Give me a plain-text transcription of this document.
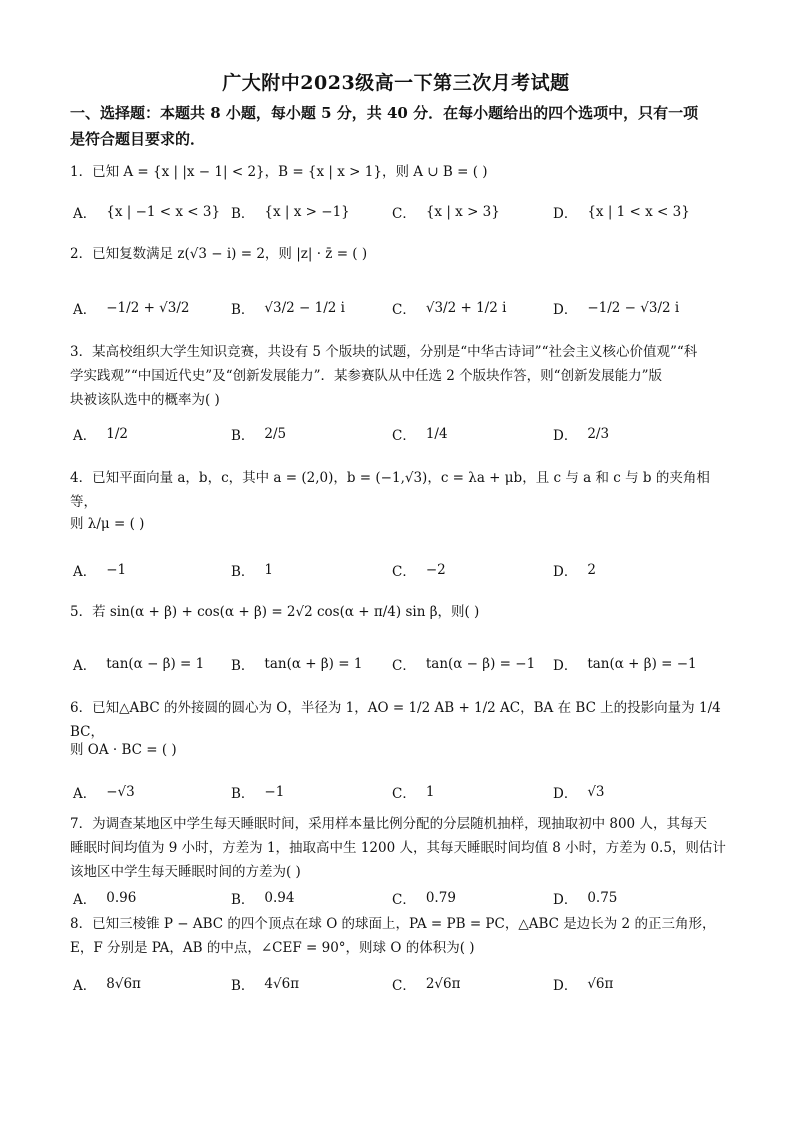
广大附中2023级高一下第三次月考试题
一、选择题：本题共 8 小题，每小题 5 分，共 40 分．在每小题给出的四个选项中，只有一项
是符合题目要求的．
1．已知 A = {x | |x − 1| < 2}，B = {x | x > 1}，则 A ∪ B = ( )
A． {x | −1 < x < 3} B． {x | x > −1}	C． {x | x > 3}	D． {x | 1 < x < 3}
2．已知复数满足 z(√3 − i) = 2，则 |z| · z̄ = ( )
A． −1/2 + √3/2	B． √3/2 − 1/2 i	C． √3/2 + 1/2 i	D． −1/2 − √3/2 i
3．某高校组织大学生知识竞赛，共设有 5 个版块的试题，分别是“中华古诗词”“社会主义核心价值观”“科
学实践观”“中国近代史”及“创新发展能力”．某参赛队从中任选 2 个版块作答，则“创新发展能力”版
块被该队选中的概率为( )
A． 1/2	B． 2/5	C． 1/4	D． 2/3
4．已知平面向量 a，b，c，其中 a = (2,0)，b = (−1,√3)，c = λa + μb，且 c 与 a 和 c 与 b 的夹角相等，
则 λ/μ = ( )
A． −1	B． 1	C． −2	D． 2
5．若 sin(α + β) + cos(α + β) = 2√2 cos(α + π/4) sin β，则( )
A． tan(α − β) = 1 B． tan(α + β) = 1 C． tan(α − β) = −1 D． tan(α + β) = −1
6．已知△ABC 的外接圆的圆心为 O，半径为 1，AO = 1/2 AB + 1/2 AC，BA 在 BC 上的投影向量为 1/4 BC，
则 OA · BC = ( )
A． −√3	B． −1	C． 1	D． √3
7．为调查某地区中学生每天睡眠时间，采用样本量比例分配的分层随机抽样，现抽取初中 800 人，其每天
睡眠时间均值为 9 小时，方差为 1，抽取高中生 1200 人，其每天睡眠时间均值 8 小时，方差为 0.5，则估计
该地区中学生每天睡眠时间的方差为( )
A． 0.96	B． 0.94	C． 0.79	D． 0.75
8．已知三棱锥 P − ABC 的四个顶点在球 O 的球面上，PA = PB = PC，△ABC 是边长为 2 的正三角形，
E，F 分别是 PA，AB 的中点，∠CEF = 90°，则球 O 的体积为( )
A． 8√6π	B． 4√6π	C． 2√6π	D． √6π
